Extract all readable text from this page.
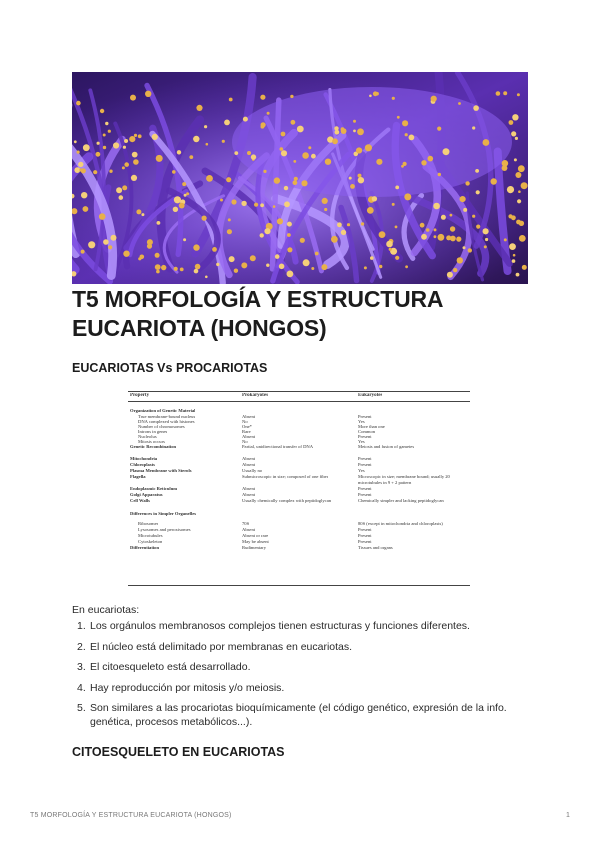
T5 MORFOLOGÍA Y ESTRUCTURA EUCARIOTA (HONGOS)
EUCARIOTAS Vs PROCARIOTAS
Property	Prokaryotes	Eukaryotes
Organization of Genetic Material
True membrane-bound nucleus	Absent	Present
DNA complexed with histones	No	Yes
Number of chromosomes	One*	More than one
Introns in genes	Rare	Common
Nucleolus	Absent	Present
Mitosis occurs	No	Yes
Genetic Recombination	Partial, unidirectional transfer of DNA	Meiosis and fusion of gametes
Mitochondria	Absent	Present
Chloroplasts	Absent	Present
Plasma Membrane with Sterols	Usually no	Yes
Flagella	Submicroscopic in size; composed of one fiber	Microscopic in size; membrane bound; usually 20 microtubules in 9 + 2 pattern
Endoplasmic Reticulum	Absent	Present
Golgi Apparatus	Absent	Present
Cell Walls	Usually chemically complex with peptidoglycan	Chemically simpler and lacking peptidoglycan
Differences in Simpler Organelles
Ribosomes	70S	80S (except in mitochondria and chloroplasts)
Lysosomes and peroxisomes	Absent	Present
Microtubules	Absent or rare	Present
Cytoskeleton	May be absent	Present
Differentiation	Rudimentary	Tissues and organs

En eucariotas:

1. Los orgánulos membranosos complejos tienen estructuras y funciones diferentes.
2. El núcleo está delimitado por membranas en eucariotas.
3. El citoesqueleto está desarrollado.
4. Hay reproducción por mitosis y/o meiosis.
5. Son similares a las procariotas bioquímicamente (el código genético, expresión de la info. genética, procesos metabólicos...).
CITOESQUELETO EN EUCARIOTAS
T5 MORFOLOGÍA Y ESTRUCTURA EUCARIOTA (HONGOS)	1
